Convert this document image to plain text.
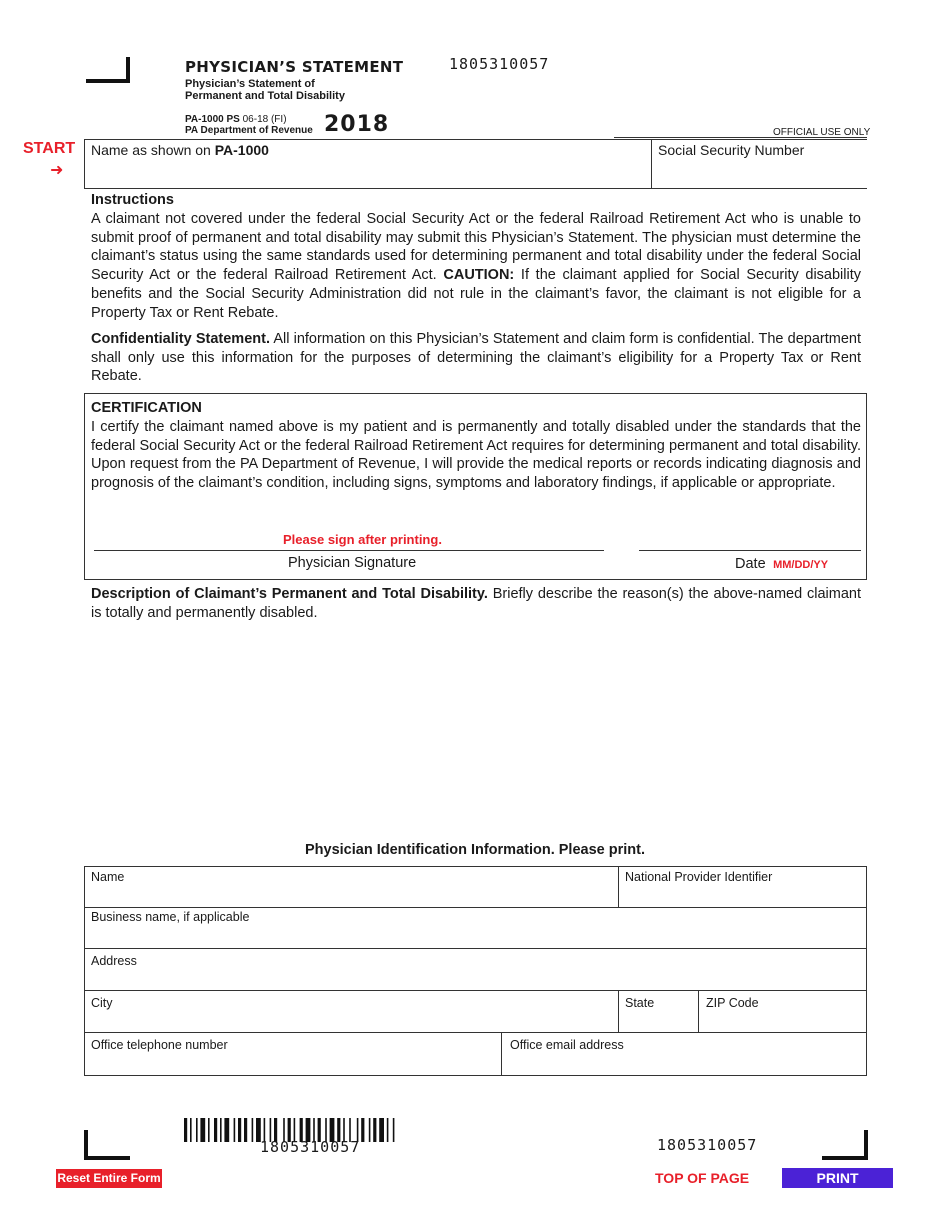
PHYSICIAN’S STATEMENT
Physician’s Statement of
Permanent and Total Disability
1805310057
PA-1000 PS 06-18 (FI)
PA Department of Revenue 2018	OFFICIAL USE ONLY
START
➜
Name as shown on PA-1000	Social Security Number
Instructions

A claimant not covered under the federal Social Security Act or the federal Railroad Retirement Act who is unable to submit proof of permanent and total disability may submit this Physician’s Statement. The physician must determine the claimant’s status using the same standards used for determining permanent and total disability under the federal Social Security Act or the federal Railroad Retirement Act. CAUTION: If the claimant applied for Social Security disability benefits and the Social Security Administration did not rule in the claimant’s favor, the claimant is not eligible for a Property Tax or Rent Rebate.

Confidentiality Statement. All information on this Physician’s Statement and claim form is confidential. The department shall only use this information for the purposes of determining the claimant’s eligibility for a Property Tax or Rent Rebate.

CERTIFICATION

I certify the claimant named above is my patient and is permanently and totally disabled under the standards that the federal Social Security Act or the federal Railroad Retirement Act requires for determining permanent and total disability. Upon request from the PA Department of Revenue, I will provide the medical reports or records indicating diagnosis and prognosis of the claimant’s condition, including signs, symptoms and laboratory findings, if applicable or appropriate.

Please sign after printing.
Physician Signature	Date MM/DD/YY

Description of Claimant’s Permanent and Total Disability. Briefly describe the reason(s) the above-named claimant is totally and permanently disabled.

Physician Identification Information. Please print.
Name	National Provider Identifier
Business name, if applicable
Address
City	State	ZIP Code
Office telephone number	Office email address
1805310057	1805310057
Reset Entire Form	TOP OF PAGE	PRINT
